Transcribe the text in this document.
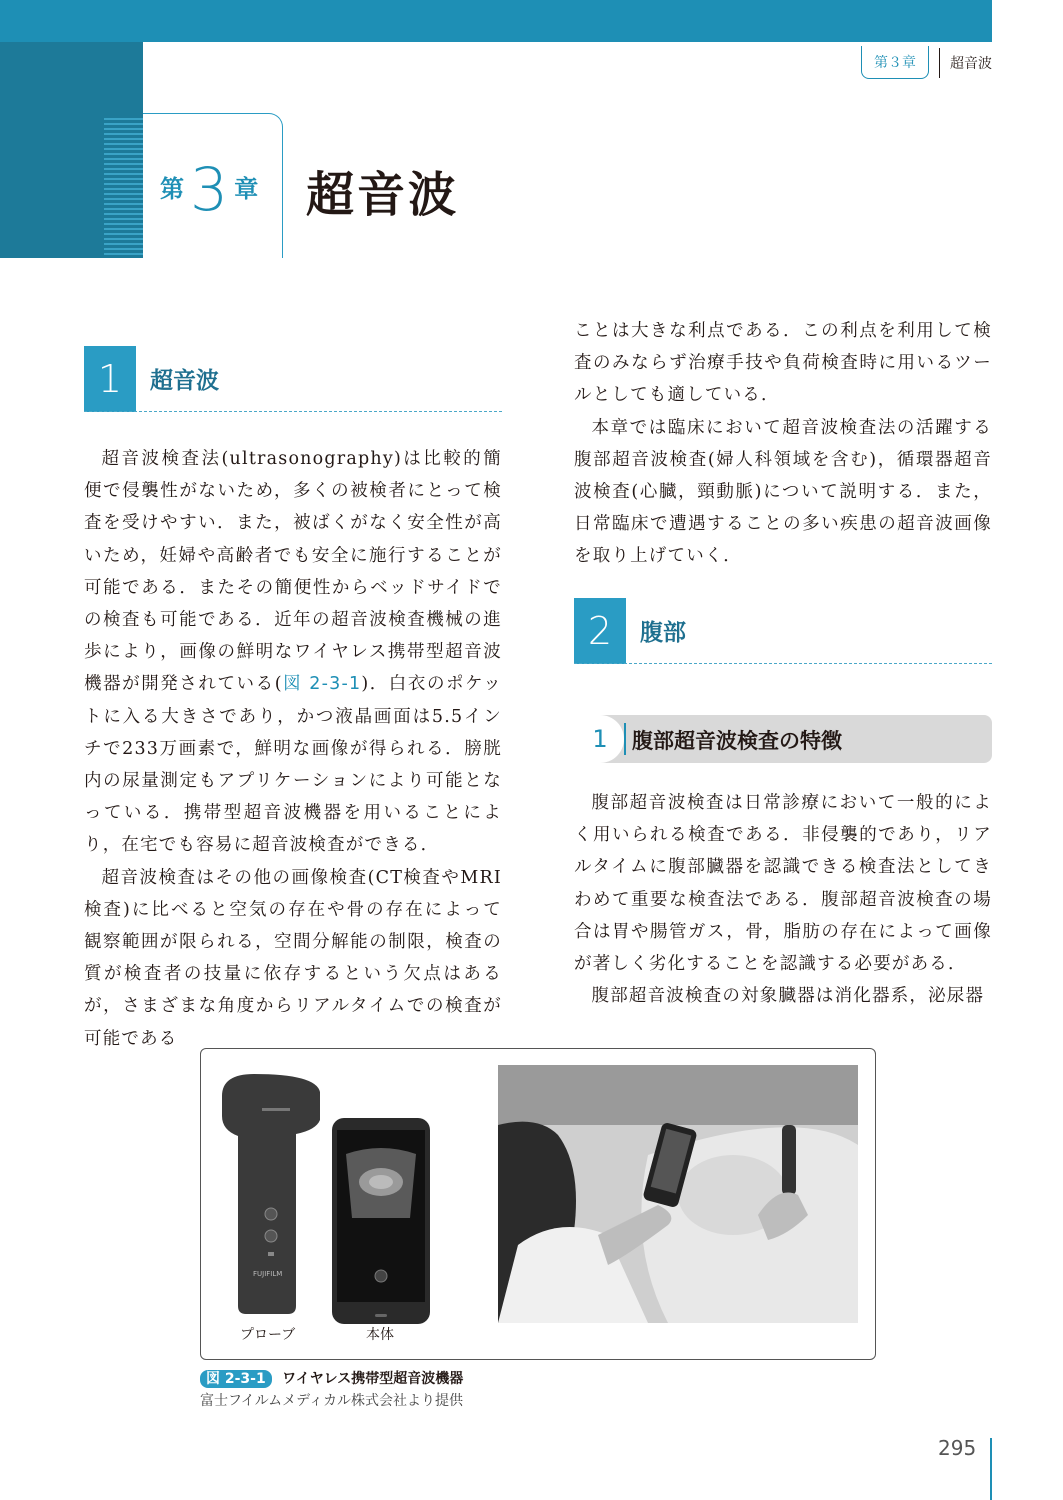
第３章	超音波
第 3 章 超音波
1	超音波

超音波検査法(ultrasonography)は比較的簡便で侵襲性がないため，多くの被検者にとって検査を受けやすい．また，被ばくがなく安全性が高いため，妊婦や高齢者でも安全に施行することが可能である．またその簡便性からベッドサイドでの検査も可能である．近年の超音波検査機械の進歩により，画像の鮮明なワイヤレス携帯型超音波機器が開発されている(図 2-3-1)．白衣のポケットに入る大きさであり，かつ液晶画面は5.5インチで233万画素で，鮮明な画像が得られる．膀胱内の尿量測定もアプリケーションにより可能となっている．携帯型超音波機器を用いることにより，在宅でも容易に超音波検査ができる．

超音波検査はその他の画像検査(CT検査やMRI検査)に比べると空気の存在や骨の存在によって観察範囲が限られる，空間分解能の制限，検査の質が検査者の技量に依存するという欠点はあるが，さまざまな角度からリアルタイムでの検査が可能である

ことは大きな利点である．この利点を利用して検査のみならず治療手技や負荷検査時に用いるツールとしても適している．

本章では臨床において超音波検査法の活躍する腹部超音波検査(婦人科領域を含む)，循環器超音波検査(心臓，頸動脈)について説明する．また，日常臨床で遭遇することの多い疾患の超音波画像を取り上げていく．

2	腹部
1	腹部超音波検査の特徴

腹部超音波検査は日常診療において一般的によく用いられる検査である．非侵襲的であり，リアルタイムに腹部臓器を認識できる検査法としてきわめて重要な検査法である．腹部超音波検査の場合は胃や腸管ガス，骨，脂肪の存在によって画像が著しく劣化することを認識する必要がある．

腹部超音波検査の対象臓器は消化器系，泌尿器

FUJIFILM
プローブ	本体
図 2-3-1 ワイヤレス携帯型超音波機器
富士フイルムメディカル株式会社より提供
295
